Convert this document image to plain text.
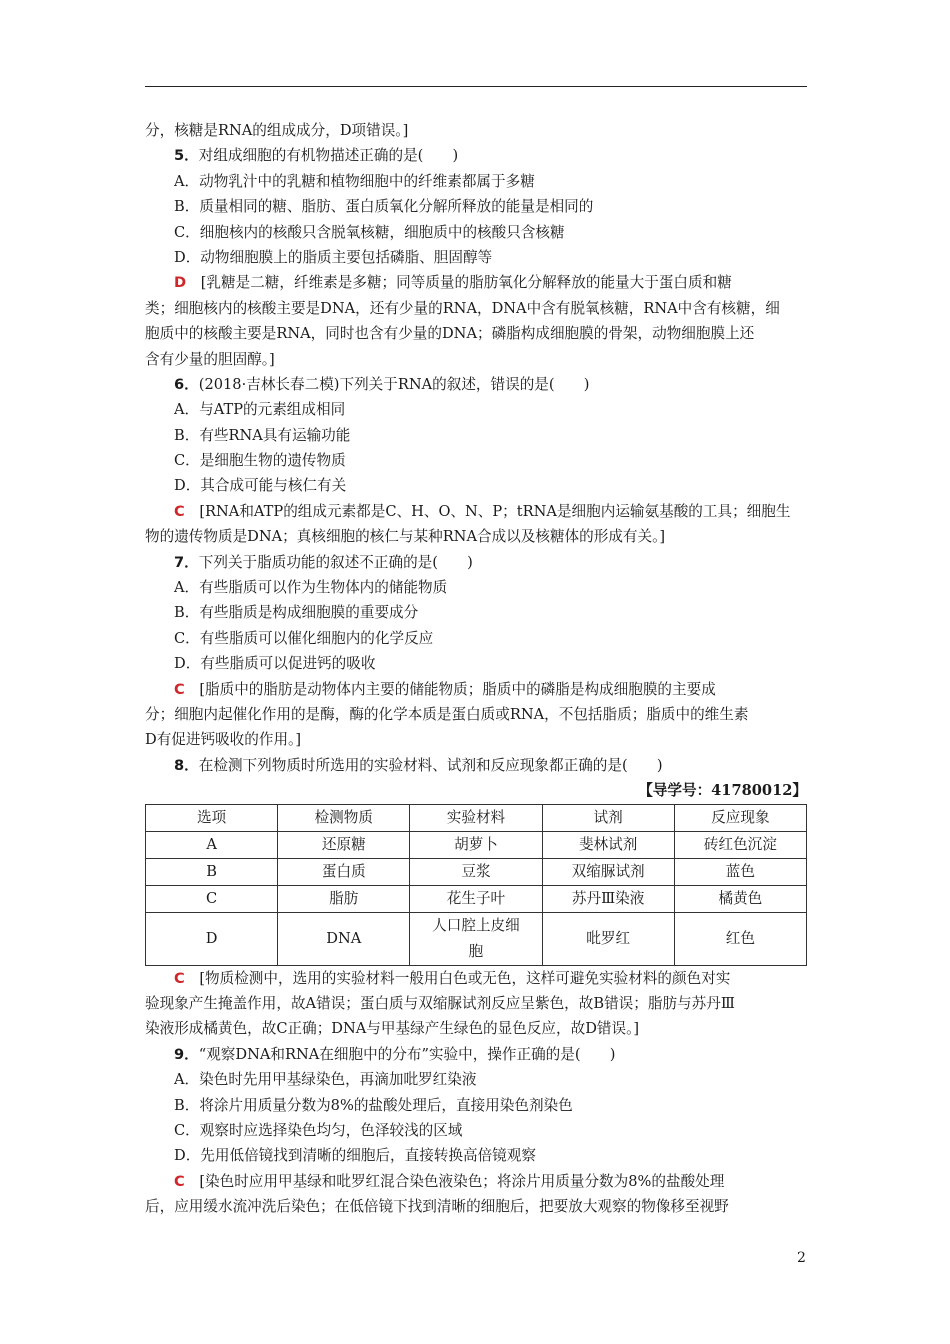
分，核糖是RNA的组成成分，D项错误。]
5．对组成细胞的有机物描述正确的是(　　)
A．动物乳汁中的乳糖和植物细胞中的纤维素都属于多糖
B．质量相同的糖、脂肪、蛋白质氧化分解所释放的能量是相同的
C．细胞核内的核酸只含脱氧核糖，细胞质中的核酸只含核糖
D．动物细胞膜上的脂质主要包括磷脂、胆固醇等
D　 [乳糖是二糖，纤维素是多糖；同等质量的脂肪氧化分解释放的能量大于蛋白质和糖
类；细胞核内的核酸主要是DNA，还有少量的RNA，DNA中含有脱氧核糖，RNA中含有核糖，细
胞质中的核酸主要是RNA，同时也含有少量的DNA；磷脂构成细胞膜的骨架，动物细胞膜上还
含有少量的胆固醇。]
6．(2018·吉林长春二模)下列关于RNA的叙述，错误的是(　　)
A．与ATP的元素组成相同
B．有些RNA具有运输功能
C．是细胞生物的遗传物质
D．其合成可能与核仁有关
C　 [RNA和ATP的组成元素都是C、H、O、N、P；tRNA是细胞内运输氨基酸的工具；细胞生
物的遗传物质是DNA；真核细胞的核仁与某种RNA合成以及核糖体的形成有关。]
7．下列关于脂质功能的叙述不正确的是(　　)
A．有些脂质可以作为生物体内的储能物质
B．有些脂质是构成细胞膜的重要成分
C．有些脂质可以催化细胞内的化学反应
D．有些脂质可以促进钙的吸收
C　 [脂质中的脂肪是动物体内主要的储能物质；脂质中的磷脂是构成细胞膜的主要成
分；细胞内起催化作用的是酶，酶的化学本质是蛋白质或RNA，不包括脂质；脂质中的维生素
D有促进钙吸收的作用。]
8．在检测下列物质时所选用的实验材料、试剂和反应现象都正确的是(　　)
【导学号：41780012】
选项	检测物质	实验材料	试剂	反应现象
A	还原糖	胡萝卜	斐林试剂	砖红色沉淀
B	蛋白质	豆浆	双缩脲试剂	蓝色
C	脂肪	花生子叶	苏丹Ⅲ染液	橘黄色
D	DNA	人口腔上皮细胞	吡罗红	红色
C　 [物质检测中，选用的实验材料一般用白色或无色，这样可避免实验材料的颜色对实
验现象产生掩盖作用，故A错误；蛋白质与双缩脲试剂反应呈紫色，故B错误；脂肪与苏丹Ⅲ
染液形成橘黄色，故C正确；DNA与甲基绿产生绿色的显色反应，故D错误。]
9．“观察DNA和RNA在细胞中的分布”实验中，操作正确的是(　　)
A．染色时先用甲基绿染色，再滴加吡罗红染液
B．将涂片用质量分数为8%的盐酸处理后，直接用染色剂染色
C．观察时应选择染色均匀，色泽较浅的区域
D．先用低倍镜找到清晰的细胞后，直接转换高倍镜观察
C　 [染色时应用甲基绿和吡罗红混合染色液染色；将涂片用质量分数为8%的盐酸处理
后，应用缓水流冲洗后染色；在低倍镜下找到清晰的细胞后，把要放大观察的物像移至视野
2
